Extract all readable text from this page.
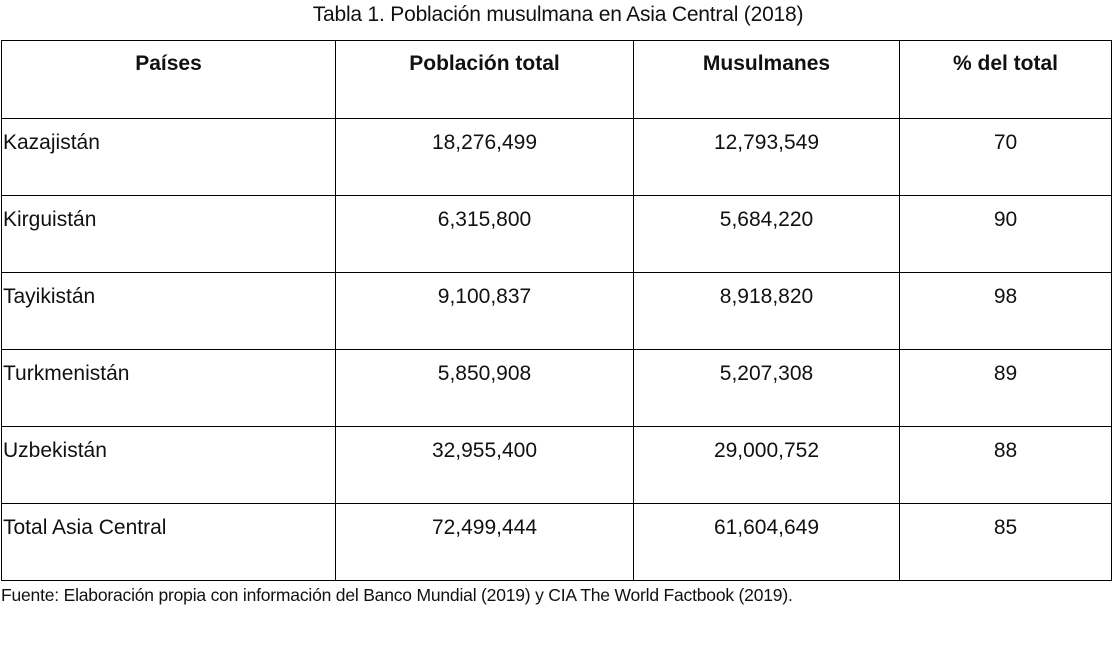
Tabla 1. Población musulmana en Asia Central (2018)
Países	Población total	Musulmanes	% del total
Kazajistán	18,276,499	12,793,549	70
Kirguistán	6,315,800	5,684,220	90
Tayikistán	9,100,837	8,918,820	98
Turkmenistán	5,850,908	5,207,308	89
Uzbekistán	32,955,400	29,000,752	88
Total Asia Central	72,499,444	61,604,649	85
Fuente: Elaboración propia con información del Banco Mundial (2019) y CIA The World Factbook (2019).
